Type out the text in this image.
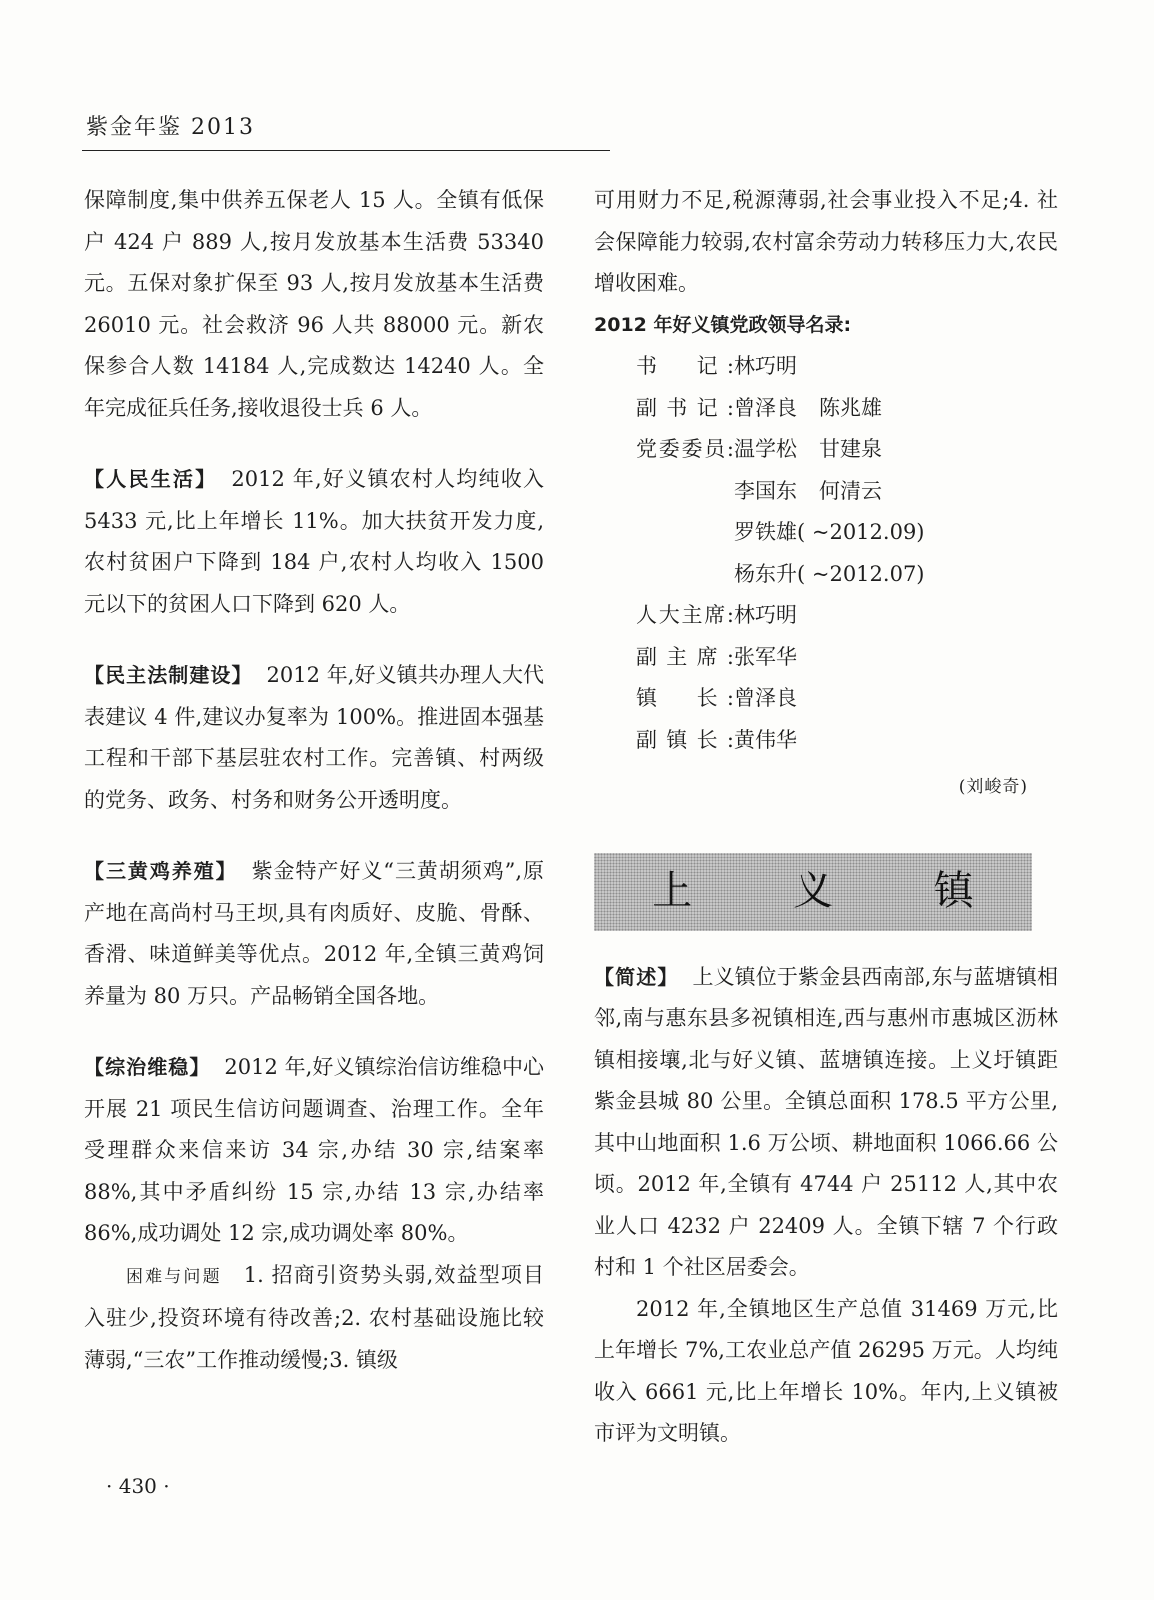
紫金年鉴 2013

保障制度,集中供养五保老人 15 人。全镇有低保户 424 户 889 人,按月发放基本生活费 53340 元。五保对象扩保至 93 人,按月发放基本生活费 26010 元。社会救济 96 人共 88000 元。新农保参合人数 14184 人,完成数达 14240 人。全年完成征兵任务,接收退役士兵 6 人。

【人民生活】 2012 年,好义镇农村人均纯收入 5433 元,比上年增长 11%。加大扶贫开发力度,农村贫困户下降到 184 户,农村人均收入 1500 元以下的贫困人口下降到 620 人。

【民主法制建设】 2012 年,好义镇共办理人大代表建议 4 件,建议办复率为 100%。推进固本强基工程和干部下基层驻农村工作。完善镇、村两级的党务、政务、村务和财务公开透明度。

【三黄鸡养殖】 紫金特产好义“三黄胡须鸡”,原产地在高尚村马王坝,具有肉质好、皮脆、骨酥、香滑、味道鲜美等优点。2012 年,全镇三黄鸡饲养量为 80 万只。产品畅销全国各地。

【综治维稳】 2012 年,好义镇综治信访维稳中心开展 21 项民生信访问题调查、治理工作。全年受理群众来信来访 34 宗,办结 30 宗,结案率 88%,其中矛盾纠纷 15 宗,办结 13 宗,办结率 86%,成功调处 12 宗,成功调处率 80%。

困难与问题 1. 招商引资势头弱,效益型项目入驻少,投资环境有待改善;2. 农村基础设施比较薄弱,“三农”工作推动缓慢;3. 镇级

可用财力不足,税源薄弱,社会事业投入不足;4. 社会保障能力较弱,农村富余劳动力转移压力大,农民增收困难。

2012 年好义镇党政领导名录:

书　记: 林巧明
副书记: 曾泽良 陈兆雄
党委委员: 温学松 甘建泉
李国东 何清云
罗铁雄( ~2012.09)
杨东升( ~2012.07)
人大主席: 林巧明
副主席: 张军华
镇　长: 曾泽良
副镇长: 黄伟华
(刘峻奇)
上 义 镇

【简述】 上义镇位于紫金县西南部,东与蓝塘镇相邻,南与惠东县多祝镇相连,西与惠州市惠城区沥林镇相接壤,北与好义镇、蓝塘镇连接。上义圩镇距紫金县城 80 公里。全镇总面积 178.5 平方公里,其中山地面积 1.6 万公顷、耕地面积 1066.66 公顷。2012 年,全镇有 4744 户 25112 人,其中农业人口 4232 户 22409 人。全镇下辖 7 个行政村和 1 个社区居委会。

2012 年,全镇地区生产总值 31469 万元,比上年增长 7%,工农业总产值 26295 万元。人均纯收入 6661 元,比上年增长 10%。年内,上义镇被市评为文明镇。

· 430 ·
